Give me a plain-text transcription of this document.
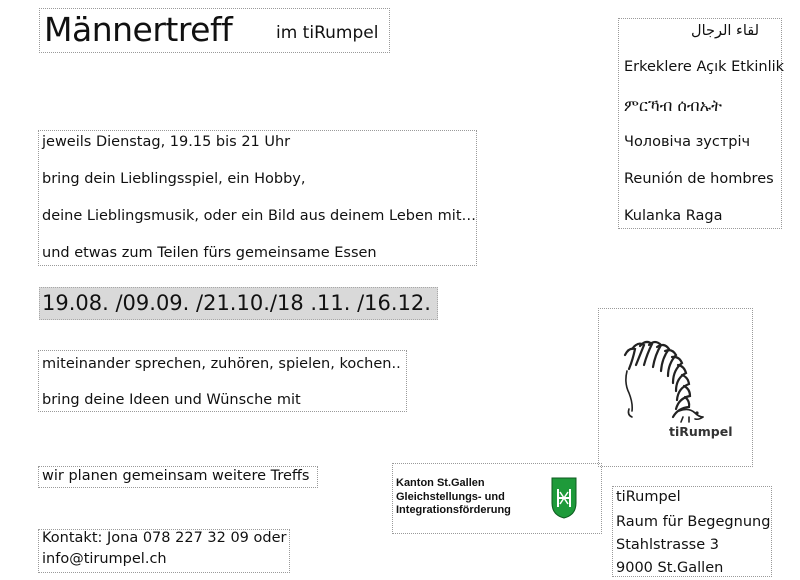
Männertreff	im tiRumpel	لقاء الرجال
Erkeklere Açık Etkinlik
ምርኻብ ሰብኡት
Чоловіча зустріч
Reunión de hombres
Kulanka Raga
jeweils Dienstag, 19.15 bis 21 Uhr
bring dein Lieblingsspiel, ein Hobby,
deine Lieblingsmusik, oder ein Bild aus deinem Leben mit…
und etwas zum Teilen fürs gemeinsame Essen
19.08. /09.09. /21.10./18 .11. /16.12.
miteinander sprechen, zuhören, spielen, kochen..
bring deine Ideen und Wünsche mit
wir planen gemeinsam weitere Treffs
Kontakt: Jona 078 227 32 09 oder
info@tirumpel.ch
tiRumpel
Kanton St.Gallen
Gleichstellungs- und
Integrationsförderung
tiRumpel
Raum für Begegnung
Stahlstrasse 3
9000 St.Gallen
